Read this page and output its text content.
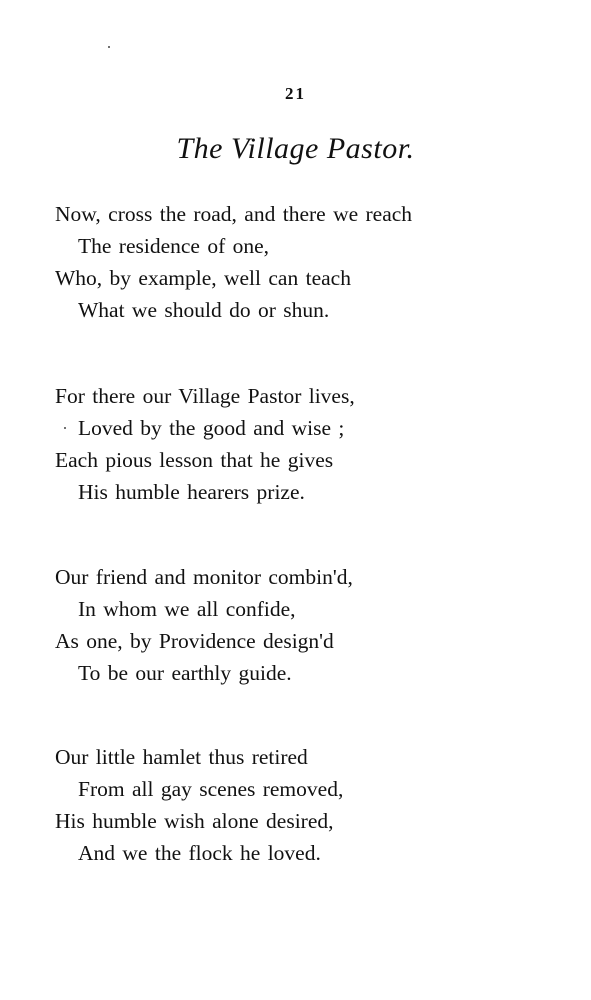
21
The Village Pastor.
Now, cross the road, and there we reach
The residence of one,
Who, by example, well can teach
What we should do or shun.
For there our Village Pastor lives,
Loved by the good and wise ;
Each pious lesson that he gives
His humble hearers prize.
Our friend and monitor combin'd,
In whom we all confide,
As one, by Providence design'd
To be our earthly guide.
Our little hamlet thus retired
From all gay scenes removed,
His humble wish alone desired,
And we the flock he loved.
